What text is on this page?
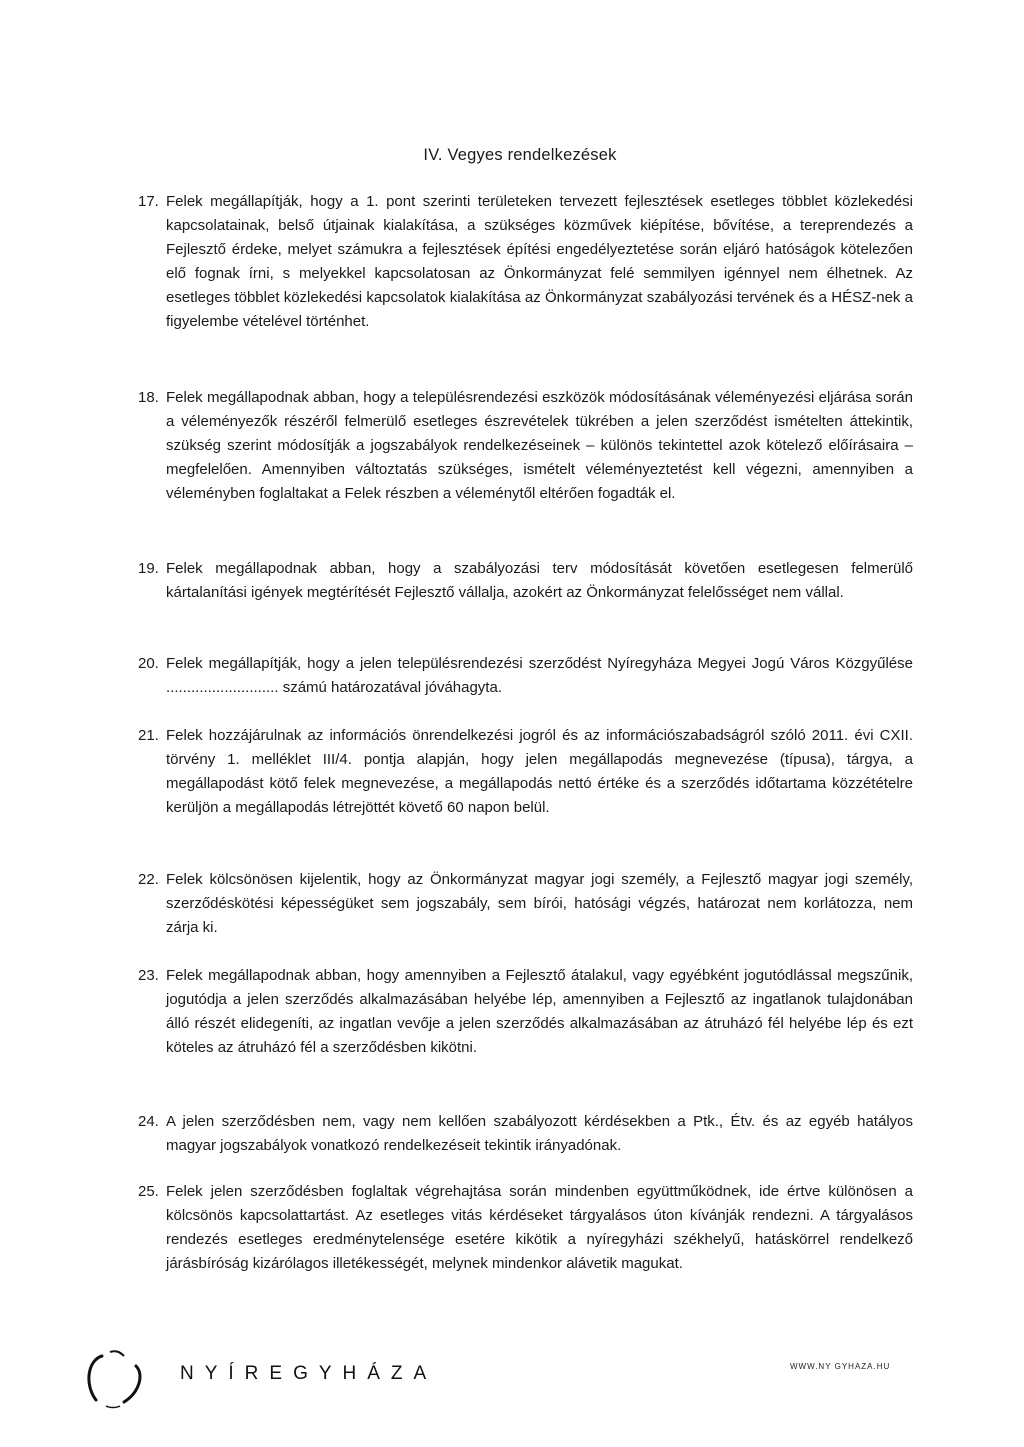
IV. Vegyes rendelkezések
17. Felek megállapítják, hogy a 1. pont szerinti területeken tervezett fejlesztések esetleges többlet közlekedési kapcsolatainak, belső útjainak kialakítása, a szükséges közművek kiépítése, bővítése, a tereprendezés a Fejlesztő érdeke, melyet számukra a fejlesztések építési engedélyeztetése során eljáró hatóságok kötelezően elő fognak írni, s melyekkel kapcsolatosan az Önkormányzat felé semmilyen igénnyel nem élhetnek. Az esetleges többlet közlekedési kapcsolatok kialakítása az Önkormányzat szabályozási tervének és a HÉSZ-nek a figyelembe vételével történhet.
18. Felek megállapodnak abban, hogy a településrendezési eszközök módosításának véleményezési eljárása során a véleményezők részéről felmerülő esetleges észrevételek tükrében a jelen szerződést ismételten áttekintik, szükség szerint módosítják a jogszabályok rendelkezéseinek – különös tekintettel azok kötelező előírásaira – megfelelően. Amennyiben változtatás szükséges, ismételt véleményeztetést kell végezni, amennyiben a véleményben foglaltakat a Felek részben a véleménytől eltérően fogadták el.
19. Felek megállapodnak abban, hogy a szabályozási terv módosítását követően esetlegesen felmerülő kártalanítási igények megtérítését Fejlesztő vállalja, azokért az Önkormányzat felelősséget nem vállal.
20. Felek megállapítják, hogy a jelen településrendezési szerződést Nyíregyháza Megyei Jogú Város Közgyűlése ........................... számú határozatával jóváhagyta.
21. Felek hozzájárulnak az információs önrendelkezési jogról és az információszabadságról szóló 2011. évi CXII. törvény 1. melléklet III/4. pontja alapján, hogy jelen megállapodás megnevezése (típusa), tárgya, a megállapodást kötő felek megnevezése, a megállapodás nettó értéke és a szerződés időtartama közzétételre kerüljön a megállapodás létrejöttét követő 60 napon belül.
22. Felek kölcsönösen kijelentik, hogy az Önkormányzat magyar jogi személy, a Fejlesztő magyar jogi személy, szerződéskötési képességüket sem jogszabály, sem bírói, hatósági végzés, határozat nem korlátozza, nem zárja ki.
23. Felek megállapodnak abban, hogy amennyiben a Fejlesztő átalakul, vagy egyébként jogutódlással megszűnik, jogutódja a jelen szerződés alkalmazásában helyébe lép, amennyiben a Fejlesztő az ingatlanok tulajdonában álló részét elidegeníti, az ingatlan vevője a jelen szerződés alkalmazásában az átruházó fél helyébe lép és ezt köteles az átruházó fél a szerződésben kikötni.
24. A jelen szerződésben nem, vagy nem kellően szabályozott kérdésekben a Ptk., Étv. és az egyéb hatályos magyar jogszabályok vonatkozó rendelkezéseit tekintik irányadónak.
25. Felek jelen szerződésben foglaltak végrehajtása során mindenben együttműködnek, ide értve különösen a kölcsönös kapcsolattartást. Az esetleges vitás kérdéseket tárgyalásos úton kívánják rendezni. A tárgyalásos rendezés esetleges eredménytelensége esetére kikötik a nyíregyházi székhelyű, hatáskörrel rendelkező járásbíróság kizárólagos illetékességét, melynek mindenkor alávetik magukat.
WWW.NY GYHAZA.HU
NYÍREGYHÁZA
